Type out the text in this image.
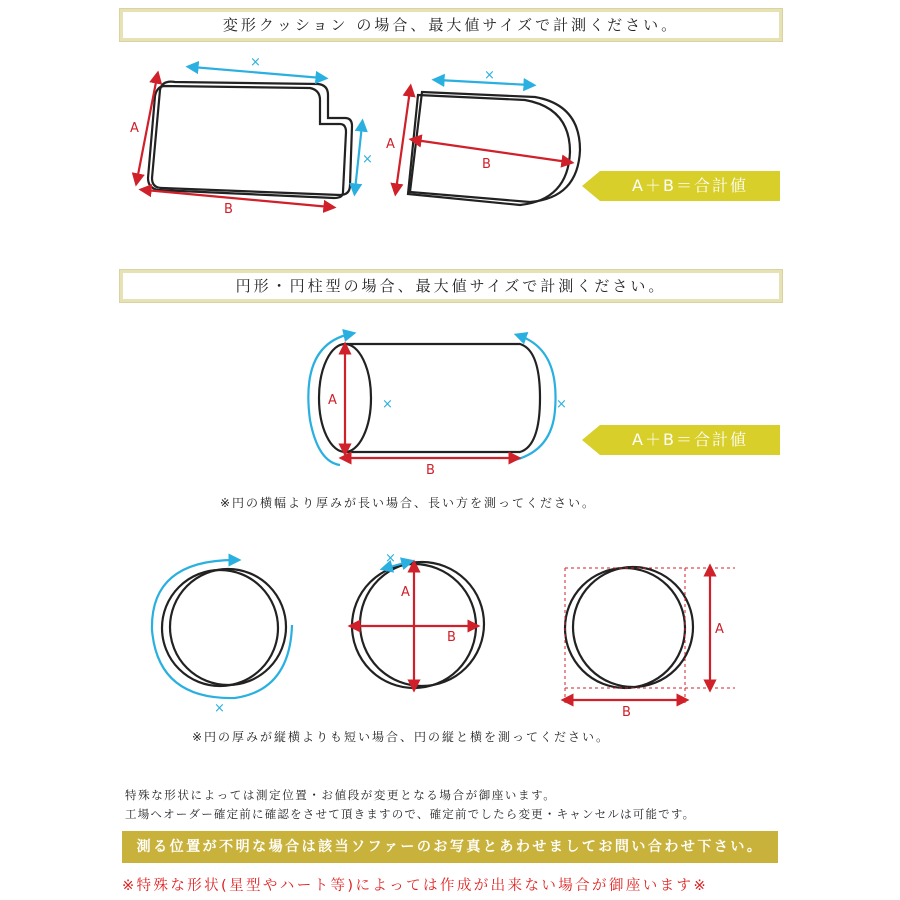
変形クッション の場合、最大値サイズで計測ください。
円形・円柱型の場合、最大値サイズで計測ください。
A＋B＝合計値
A＋B＝合計値
A
B
×
×
A
B
×
A
B
×	×
×
A
B
×
A
B
※円の横幅より厚みが長い場合、長い方を測ってください。
※円の厚みが縦横よりも短い場合、円の縦と横を測ってください。
特殊な形状によっては測定位置・お値段が変更となる場合が御座います。
工場へオーダー確定前に確認をさせて頂きますので、確定前でしたら変更・キャンセルは可能です。
測る位置が不明な場合は該当ソファーのお写真とあわせましてお問い合わせ下さい。
※特殊な形状(星型やハート等)によっては作成が出来ない場合が御座います※
